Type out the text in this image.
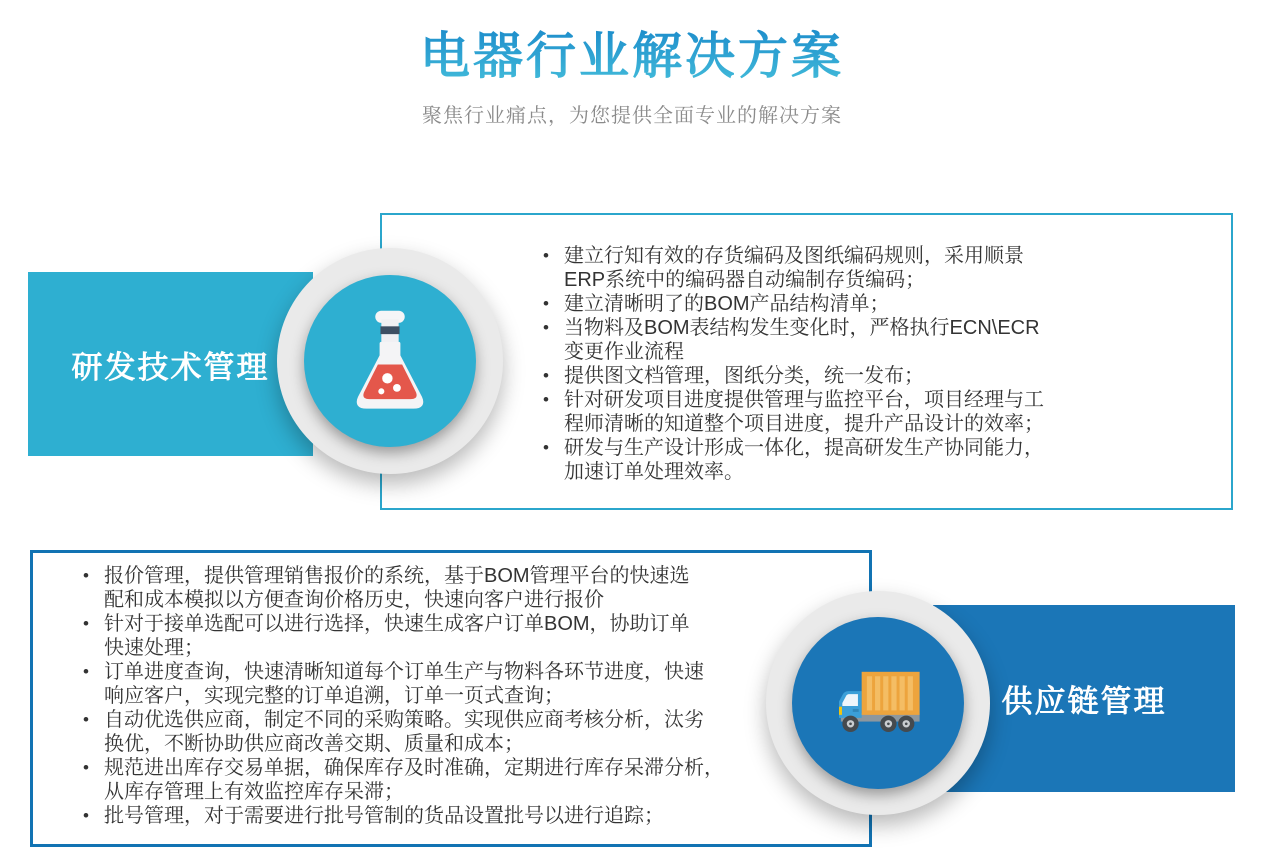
电器行业解决方案
聚焦行业痛点，为您提供全面专业的解决方案
• 建立行知有效的存货编码及图纸编码规则，采用顺景
ERP系统中的编码器自动编制存货编码；
• 建立清晰明了的BOM产品结构清单；
• 当物料及BOM表结构发生变化时，严格执行ECN\ECR
变更作业流程
• 提供图文档管理，图纸分类，统一发布；
• 针对研发项目进度提供管理与监控平台，项目经理与工
程师清晰的知道整个项目进度，提升产品设计的效率；
• 研发与生产设计形成一体化，提高研发生产协同能力，
加速订单处理效率。
研发技术管理
• 报价管理，提供管理销售报价的系统，基于BOM管理平台的快速选
配和成本模拟以方便查询价格历史，快速向客户进行报价
• 针对于接单选配可以进行选择，快速生成客户订单BOM，协助订单
快速处理；
• 订单进度查询，快速清晰知道每个订单生产与物料各环节进度，快速
响应客户，实现完整的订单追溯，订单一页式查询；
• 自动优选供应商，制定不同的采购策略。实现供应商考核分析，汰劣
换优，不断协助供应商改善交期、质量和成本；
• 规范进出库存交易单据，确保库存及时准确，定期进行库存呆滞分析，
从库存管理上有效监控库存呆滞；
• 批号管理，对于需要进行批号管制的货品设置批号以进行追踪；
供应链管理
